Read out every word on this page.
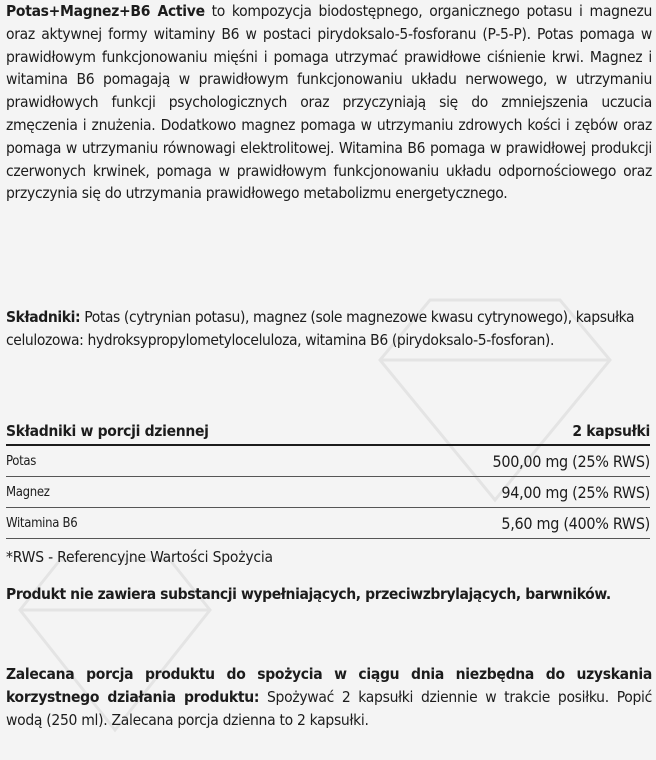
Potas+Magnez+B6 Active to kompozycja biodostępnego, organicznego potasu i magnezu oraz aktywnej formy witaminy B6 w postaci pirydoksalo-5-fosforanu (P-5-P). Potas pomaga w prawidłowym funkcjonowaniu mięśni i pomaga utrzymać prawidłowe ciśnienie krwi. Magnez i witamina B6 pomagają w prawidłowym funkcjonowaniu układu nerwowego, w utrzymaniu prawidłowych funkcji psychologicznych oraz przyczyniają się do zmniejszenia uczucia zmęczenia i znużenia. Dodatkowo magnez pomaga w utrzymaniu zdrowych kości i zębów oraz pomaga w utrzymaniu równowagi elektrolitowej. Witamina B6 pomaga w prawidłowej produkcji czerwonych krwinek, pomaga w prawidłowym funkcjonowaniu układu odpornościowego oraz przyczynia się do utrzymania prawidłowego metabolizmu energetycznego.

Składniki: Potas (cytrynian potasu), magnez (sole magnezowe kwasu cytrynowego), kapsułka celulozowa: hydroksypropylometyloceluloza, witamina B6 (pirydoksalo-5-fosforan).

Składniki w porcji dziennej	2 kapsułki
Potas	500,00 mg (25% RWS)
Magnez	94,00 mg (25% RWS)
Witamina B6	5,60 mg (400% RWS)

*RWS - Referencyjne Wartości Spożycia

Produkt nie zawiera substancji wypełniających, przeciwzbrylających, barwników.

Zalecana porcja produktu do spożycia w ciągu dnia niezbędna do uzyskania korzystnego działania produktu: Spożywać 2 kapsułki dziennie w trakcie posiłku. Popić wodą (250 ml). Zalecana porcja dzienna to 2 kapsułki.
